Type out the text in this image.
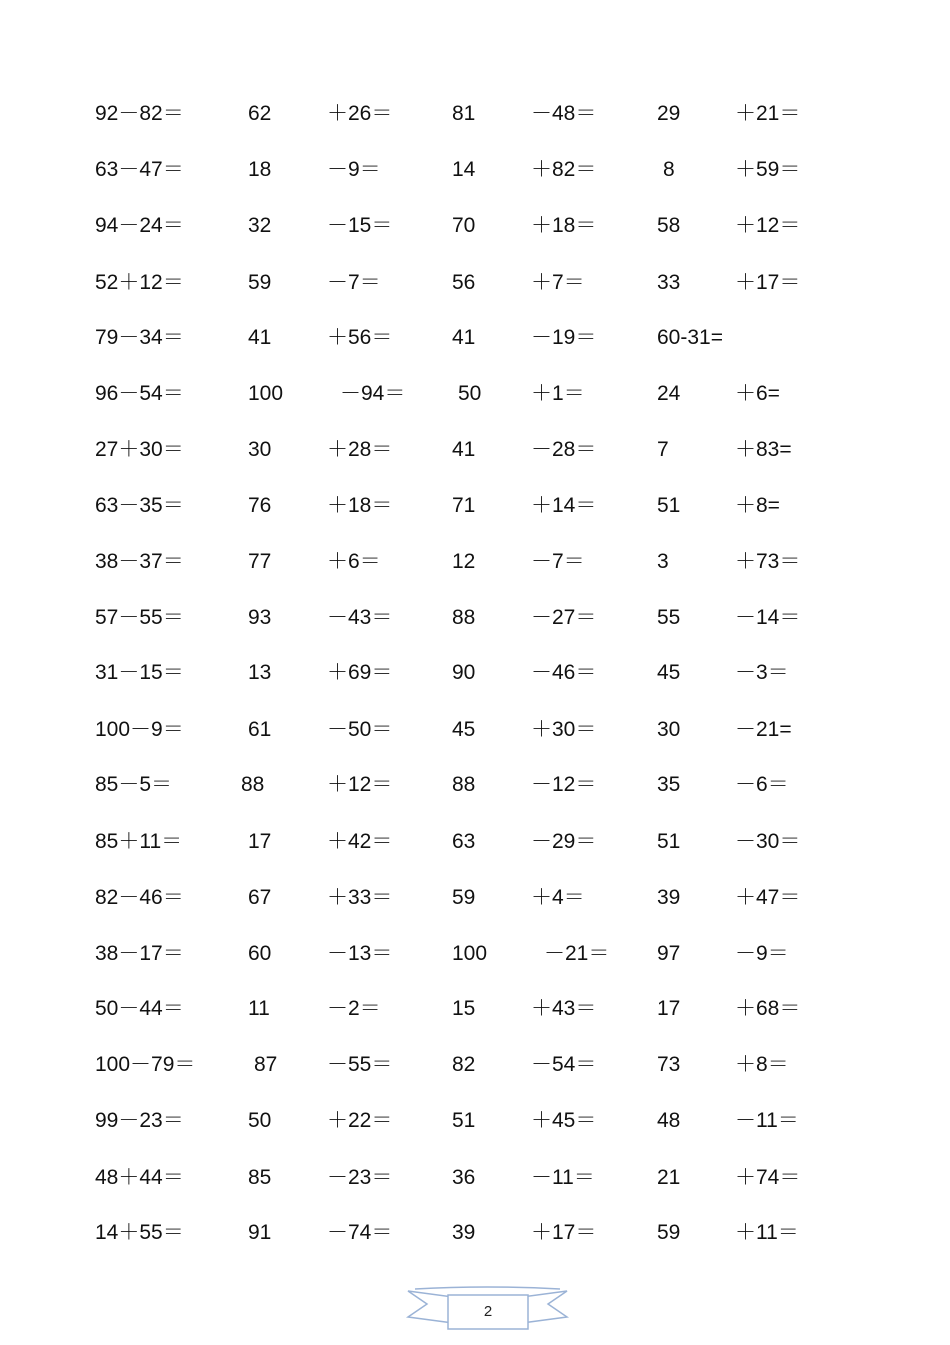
92－82＝	62	＋26＝	81	－48＝	29	＋21＝
63－47＝	18	－9＝	14	＋82＝	8	＋59＝
94－24＝	32	－15＝	70	＋18＝	58	＋12＝
52＋12＝	59	－7＝	56	＋7＝	33	＋17＝
79－34＝	41	＋56＝	41	－19＝	60-31=
96－54＝	100	－94＝	50 ＋1＝	24	＋6=
27＋30＝	30	＋28＝	41	－28＝	7	＋83=
63－35＝	76	＋18＝	71	＋14＝	51	＋8=
38－37＝	77	＋6＝	12	－7＝	3	＋73＝
57－55＝	93	－43＝	88	－27＝	55	－14＝
31－15＝	13	＋69＝	90	－46＝	45	－3＝
100－9＝	61	－50＝	45	＋30＝	30	－21=
85－5＝	88	＋12＝	88	－12＝	35	－6＝
85＋11＝	17	＋42＝	63	－29＝	51	－30＝
82－46＝	67	＋33＝	59	＋4＝	39	＋47＝
38－17＝	60	－13＝	100	－21＝ 97	－9＝
50－44＝	11	－2＝	15	＋43＝	17	＋68＝
100－79＝	87 －55＝	82	－54＝	73	＋8＝
99－23＝	50	＋22＝	51	＋45＝	48	－11＝
48＋44＝	85	－23＝	36	－11＝	21	＋74＝
14＋55＝	91	－74＝	39	＋17＝	59	＋11＝
2
